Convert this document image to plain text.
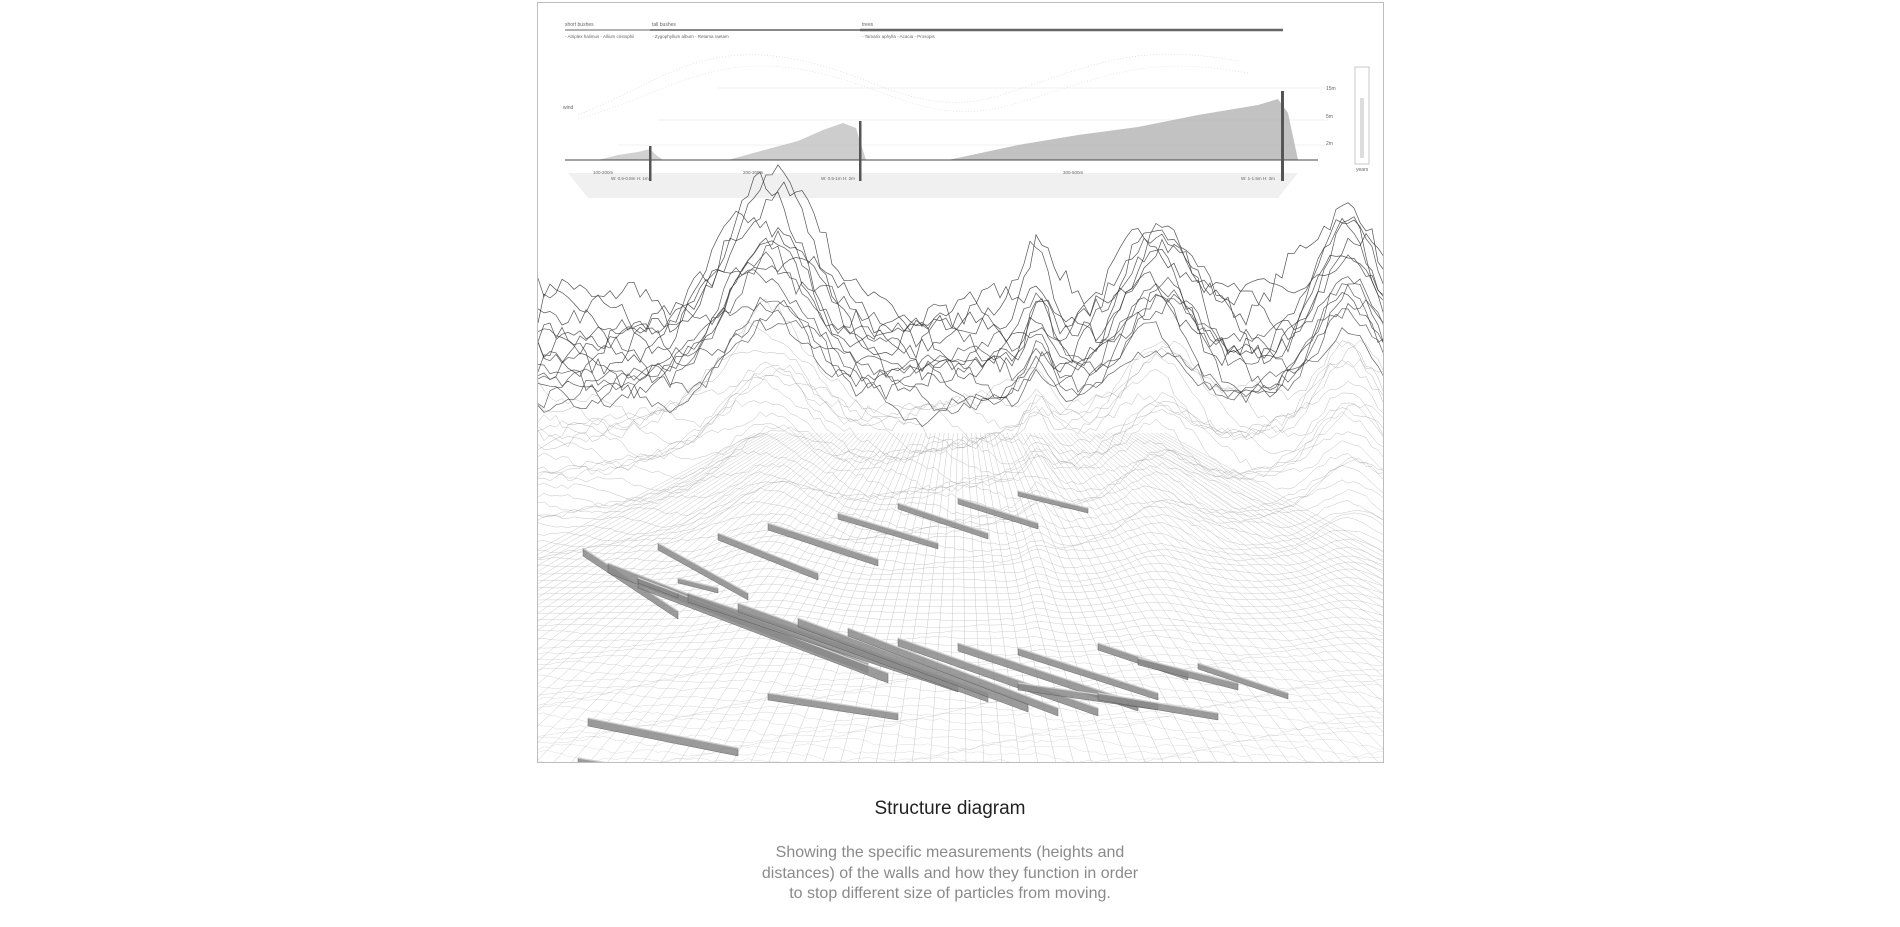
short bushes	tall bushes	trees
- Atriplex halimus - Allium cristophii	- Zygophyllum album - Retama raetam	- Tamarix aphylla - Acacia - Prosopis
wind
15m
5m
2m
100-200m	200-300m	300-500m
W: 0.5-0.8m H: 1m	W: 0.5-1m H: 2m	W: 1-1.5m H: 3m
years
Structure diagram
Showing the specific measurements (heights and distances) of the walls and how they function in order to stop different size of particles from moving.
